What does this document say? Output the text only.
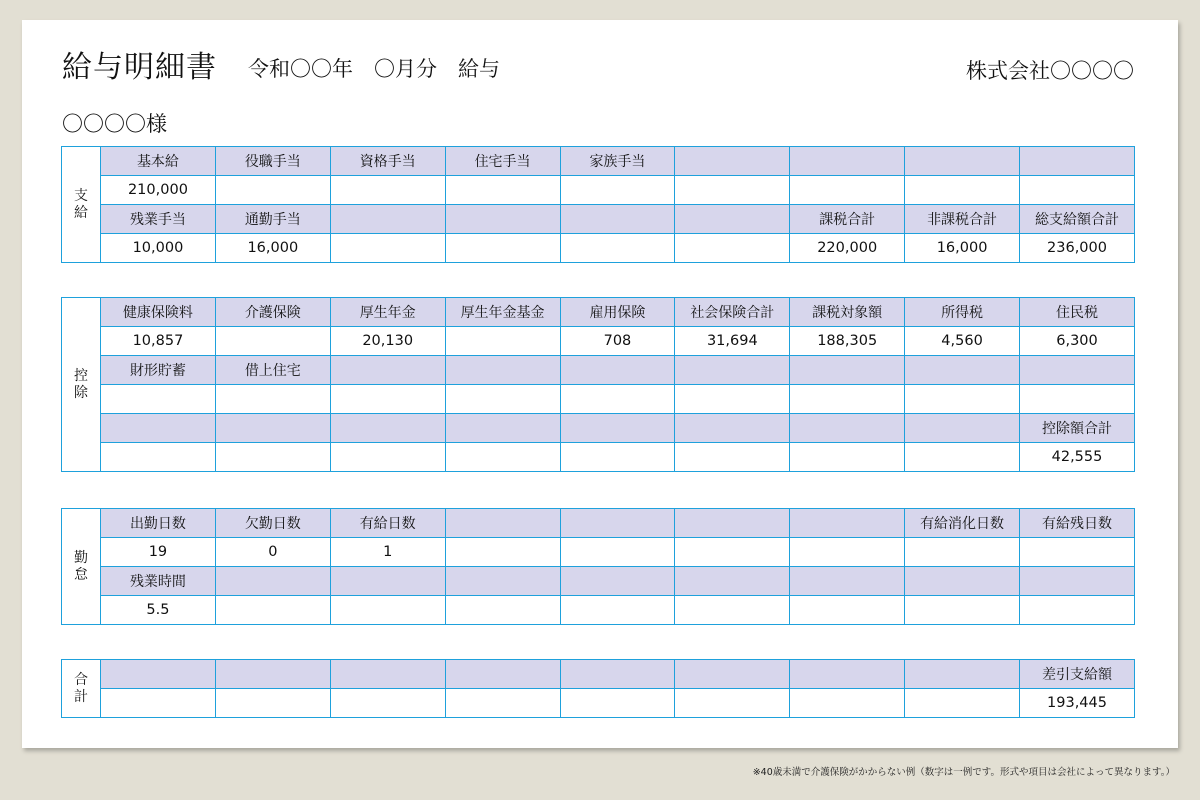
給与明細書 令和〇〇年　〇月分　給与	株式会社〇〇〇〇
〇〇〇〇様
支
給	基本給	役職手当	資格手当	住宅手当	家族手当				
	210,000								
	残業手当	通勤手当					課税合計	非課税合計	総支給額合計
	10,000	16,000					220,000	16,000	236,000
控
除	健康保険料	介護保険	厚生年金	厚生年金基金	雇用保険	社会保険合計	課税対象額	所得税	住民税
	10,857		20,130		708	31,694	188,305	4,560	6,300
	財形貯蓄	借上住宅							

									控除額合計
									42,555
勤
怠	出勤日数	欠勤日数	有給日数					有給消化日数	有給残日数
	19	0	1						
	残業時間								
	5.5								
合
計									差引支給額
									193,445
※40歳未満で介護保険がかからない例（数字は一例です。形式や項目は会社によって異なります。）
